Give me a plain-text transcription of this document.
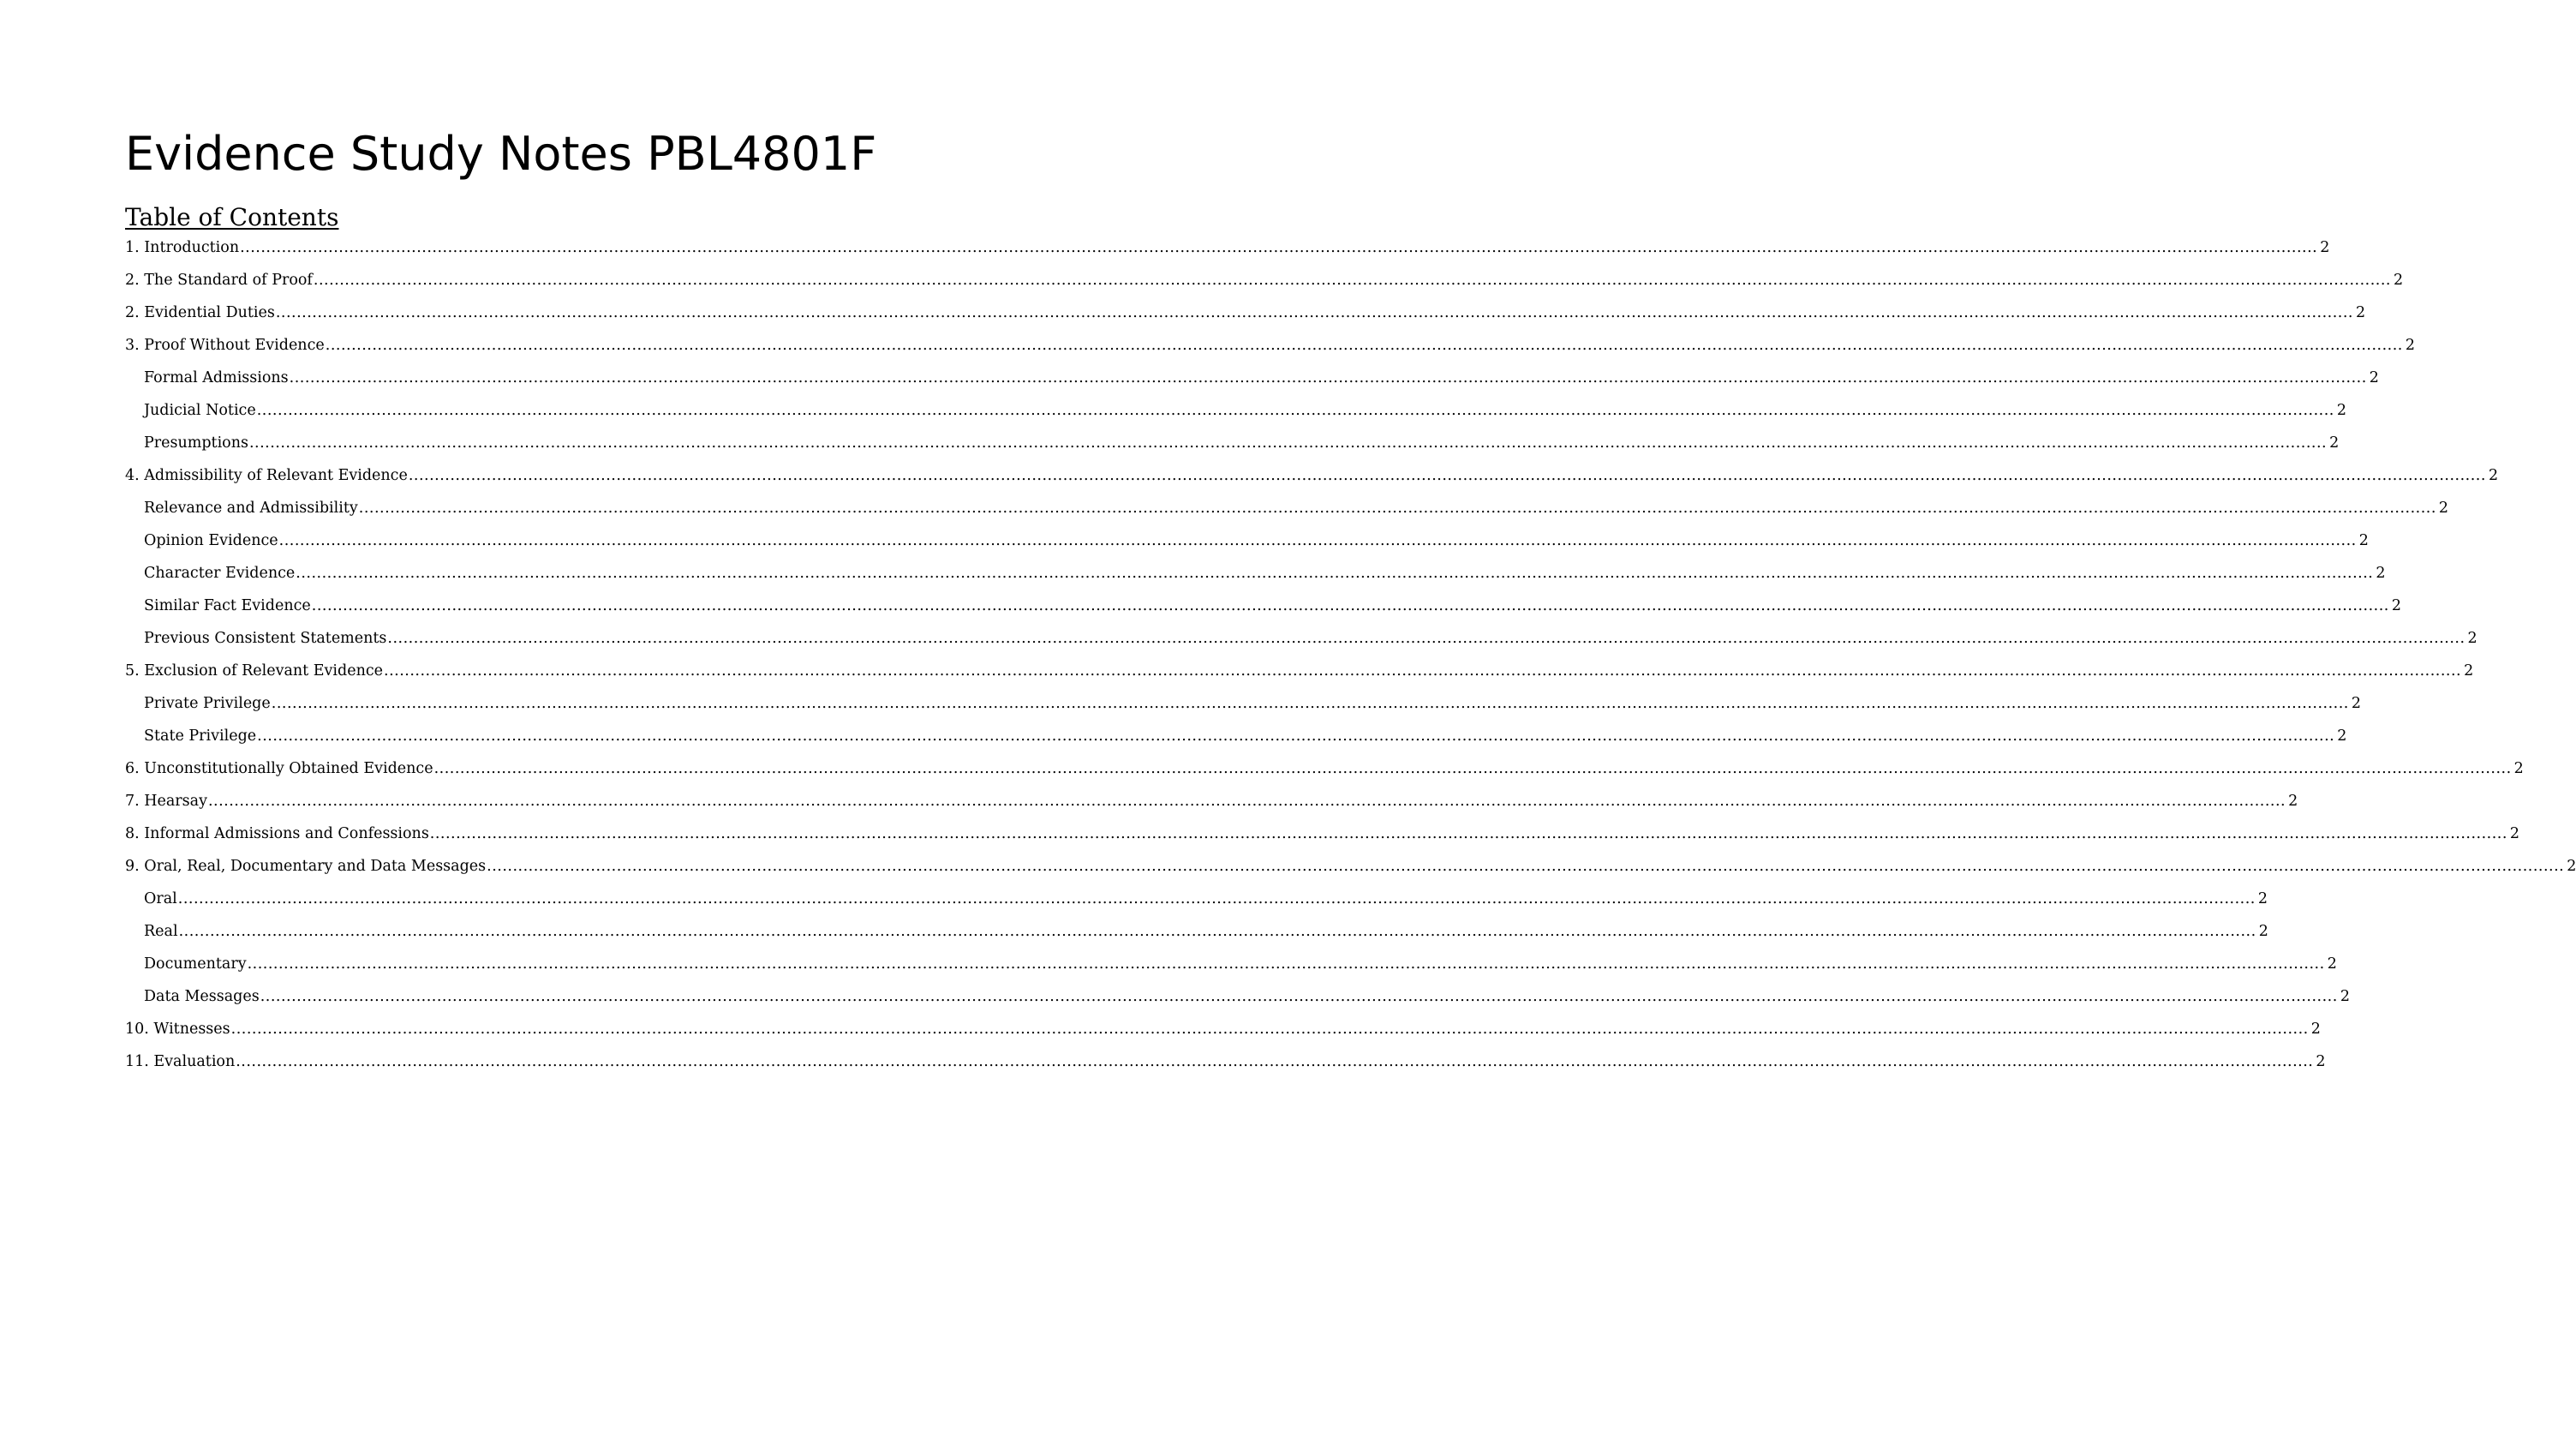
Evidence Study Notes PBL4801F
Table of Contents
1. Introduction ................................................................................................................................................................................................................................................................................................................................................................................................................ 2
2. The Standard of Proof ................................................................................................................................................................................................................................................................................................................................................................................................................ 2
2. Evidential Duties ................................................................................................................................................................................................................................................................................................................................................................................................................ 2
3. Proof Without Evidence ................................................................................................................................................................................................................................................................................................................................................................................................................ 2
Formal Admissions ................................................................................................................................................................................................................................................................................................................................................................................................................ 2
Judicial Notice ................................................................................................................................................................................................................................................................................................................................................................................................................ 2
Presumptions ................................................................................................................................................................................................................................................................................................................................................................................................................ 2
4. Admissibility of Relevant Evidence ................................................................................................................................................................................................................................................................................................................................................................................................................ 2
Relevance and Admissibility ................................................................................................................................................................................................................................................................................................................................................................................................................ 2
Opinion Evidence ................................................................................................................................................................................................................................................................................................................................................................................................................ 2
Character Evidence ................................................................................................................................................................................................................................................................................................................................................................................................................ 2
Similar Fact Evidence ................................................................................................................................................................................................................................................................................................................................................................................................................ 2
Previous Consistent Statements ................................................................................................................................................................................................................................................................................................................................................................................................................ 2
5. Exclusion of Relevant Evidence ................................................................................................................................................................................................................................................................................................................................................................................................................ 2
Private Privilege ................................................................................................................................................................................................................................................................................................................................................................................................................ 2
State Privilege ................................................................................................................................................................................................................................................................................................................................................................................................................ 2
6. Unconstitutionally Obtained Evidence ................................................................................................................................................................................................................................................................................................................................................................................................................ 2
7. Hearsay ................................................................................................................................................................................................................................................................................................................................................................................................................ 2
8. Informal Admissions and Confessions ................................................................................................................................................................................................................................................................................................................................................................................................................ 2
9. Oral, Real, Documentary and Data Messages ................................................................................................................................................................................................................................................................................................................................................................................................................ 2
Oral ................................................................................................................................................................................................................................................................................................................................................................................................................ 2
Real ................................................................................................................................................................................................................................................................................................................................................................................................................ 2
Documentary ................................................................................................................................................................................................................................................................................................................................................................................................................ 2
Data Messages ................................................................................................................................................................................................................................................................................................................................................................................................................ 2
10. Witnesses ................................................................................................................................................................................................................................................................................................................................................................................................................ 2
11. Evaluation ................................................................................................................................................................................................................................................................................................................................................................................................................ 2
